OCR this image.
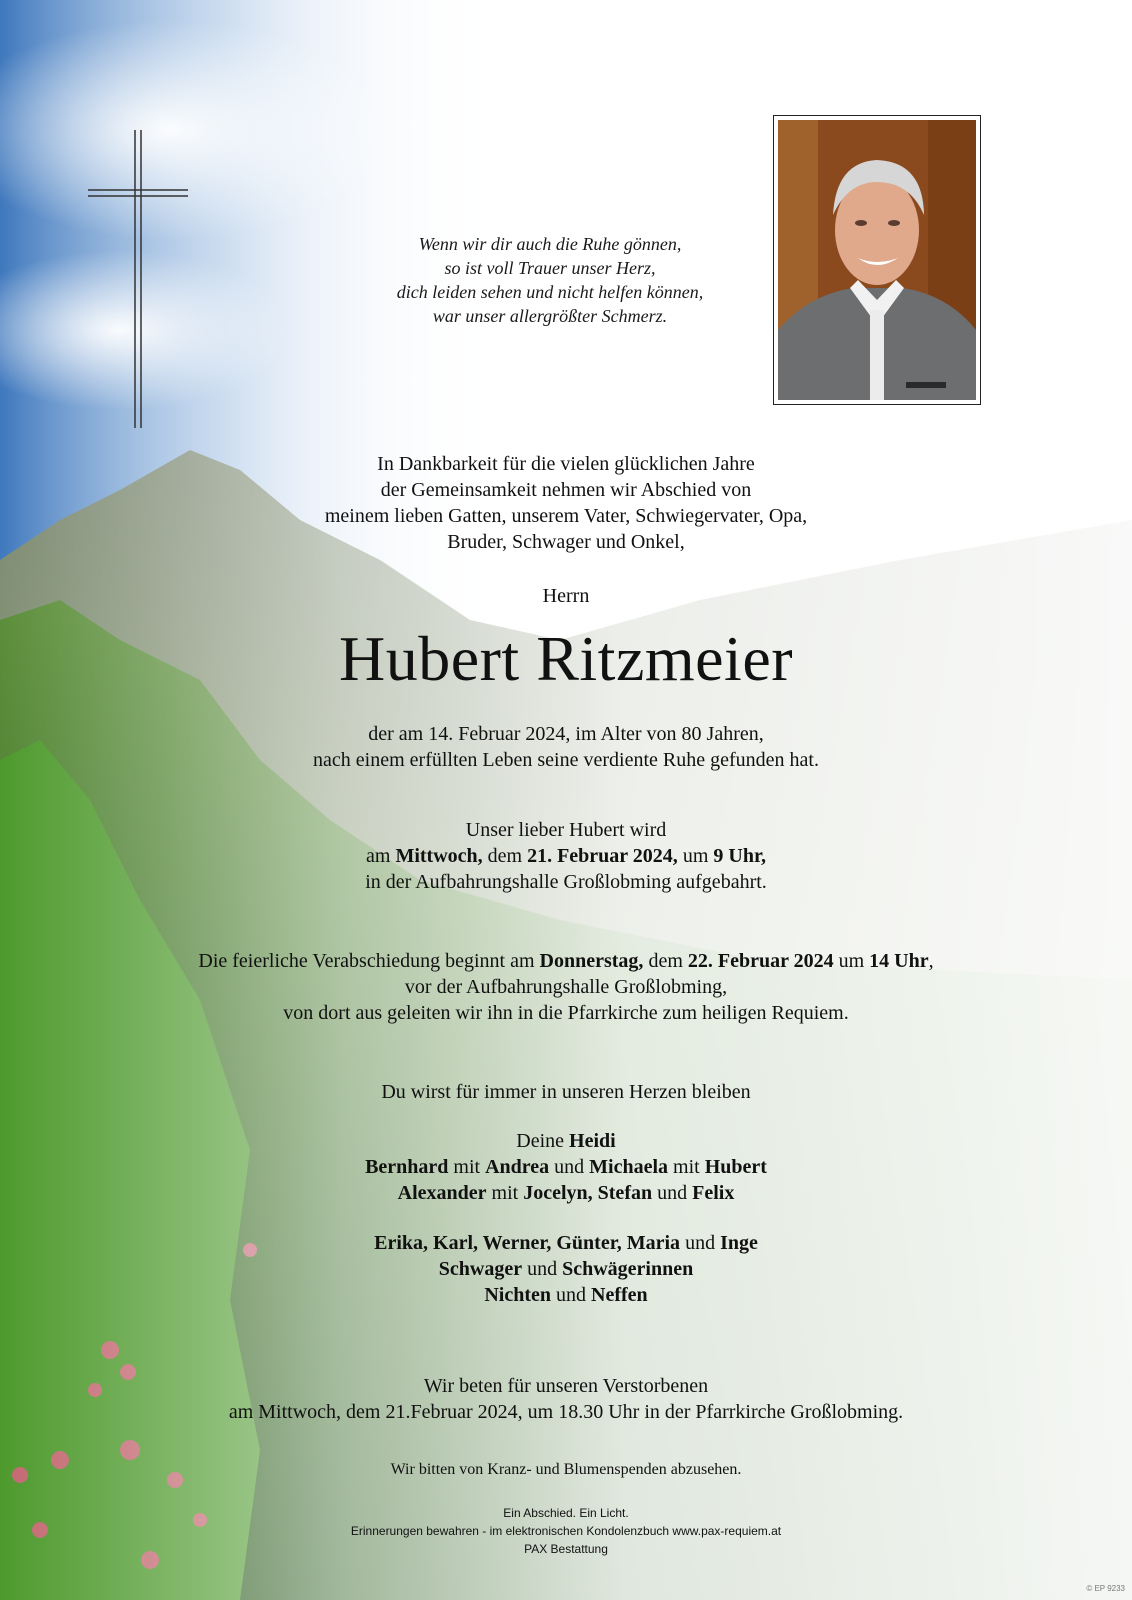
Wenn wir dir auch die Ruhe gönnen,
so ist voll Trauer unser Herz,
dich leiden sehen und nicht helfen können,
war unser allergrößter Schmerz.
In Dankbarkeit für die vielen glücklichen Jahre
der Gemeinsamkeit nehmen wir Abschied von
meinem lieben Gatten, unserem Vater, Schwiegervater, Opa,
Bruder, Schwager und Onkel,
Herrn
Hubert Ritzmeier
der am 14. Februar 2024, im Alter von 80 Jahren,
nach einem erfüllten Leben seine verdiente Ruhe gefunden hat.
Unser lieber Hubert wird
am Mittwoch, dem 21. Februar 2024, um 9 Uhr,
in der Aufbahrungshalle Großlobming aufgebahrt.
Die feierliche Verabschiedung beginnt am Donnerstag, dem 22. Februar 2024 um 14 Uhr,
vor der Aufbahrungshalle Großlobming,
von dort aus geleiten wir ihn in die Pfarrkirche zum heiligen Requiem.
Du wirst für immer in unseren Herzen bleiben
Deine Heidi
Bernhard mit Andrea und Michaela mit Hubert
Alexander mit Jocelyn, Stefan und Felix
Erika, Karl, Werner, Günter, Maria und Inge
Schwager und Schwägerinnen
Nichten und Neffen
Wir beten für unseren Verstorbenen
am Mittwoch, dem 21.Februar 2024, um 18.30 Uhr in der Pfarrkirche Großlobming.
Wir bitten von Kranz- und Blumenspenden abzusehen.
Ein Abschied. Ein Licht.
Erinnerungen bewahren - im elektronischen Kondolenzbuch www.pax-requiem.at
PAX Bestattung
© EP 9233
